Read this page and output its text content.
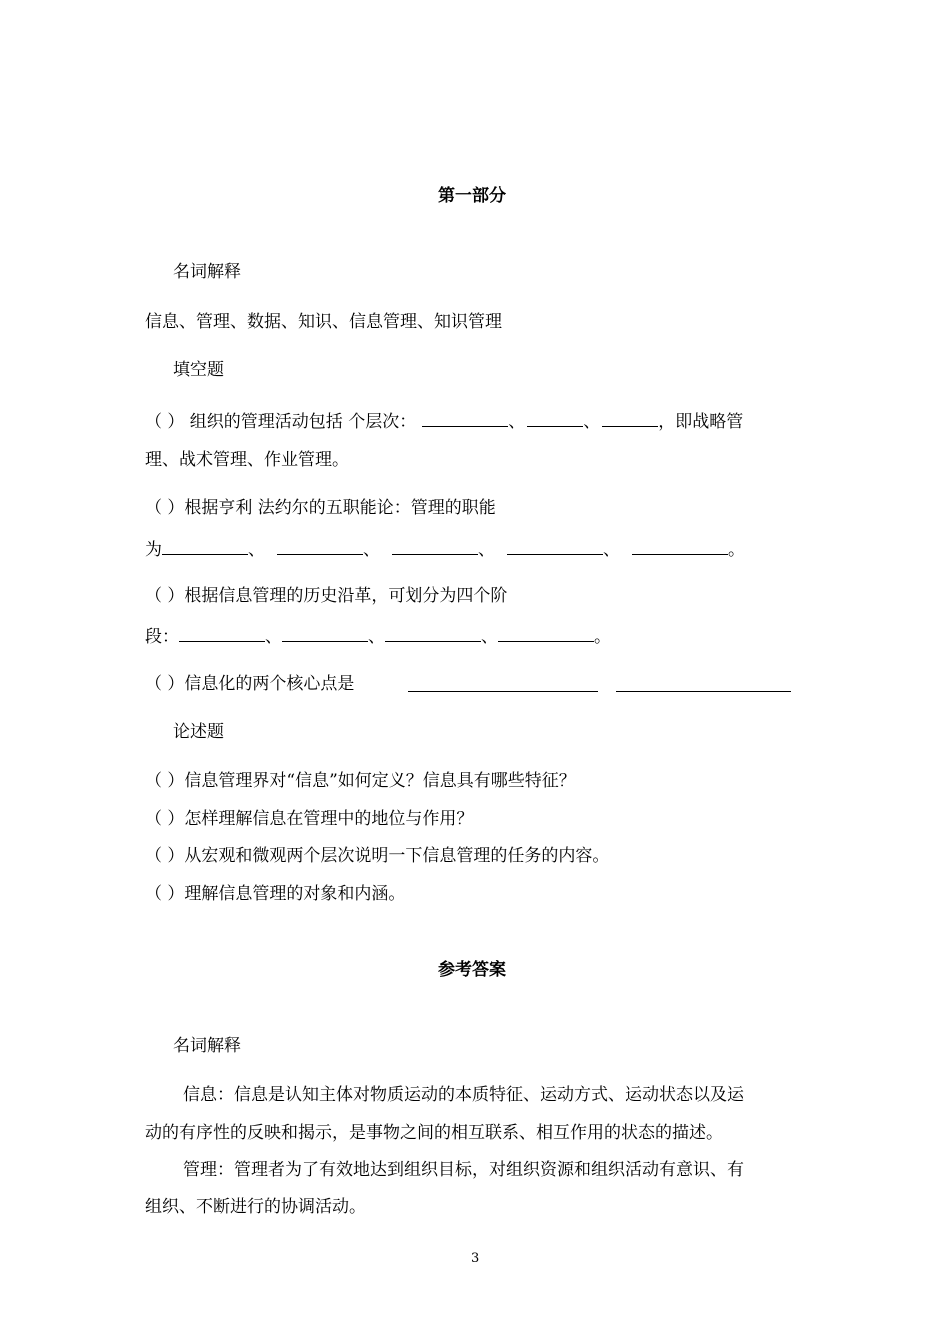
第一部分
名词解释
信息、管理、数据、知识、信息管理、知识管理
填空题
（ ） 组织的管理活动包括 个层次：	、	、	，即战略管
理、战术管理、作业管理。
（ ）根据亨利 法约尔的五职能论：管理的职能
为	、	、	、	、	。
（ ）根据信息管理的历史沿革，可划分为四个阶
段：	、	、	、	。
（ ）信息化的两个核心点是
论述题
（ ）信息管理界对“信息”如何定义？信息具有哪些特征？
（ ）怎样理解信息在管理中的地位与作用？
（ ）从宏观和微观两个层次说明一下信息管理的任务的内容。
（ ）理解信息管理的对象和内涵。
参考答案
名词解释
信息：信息是认知主体对物质运动的本质特征、运动方式、运动状态以及运
动的有序性的反映和揭示，是事物之间的相互联系、相互作用的状态的描述。
管理：管理者为了有效地达到组织目标，对组织资源和组织活动有意识、有
组织、不断进行的协调活动。
3
